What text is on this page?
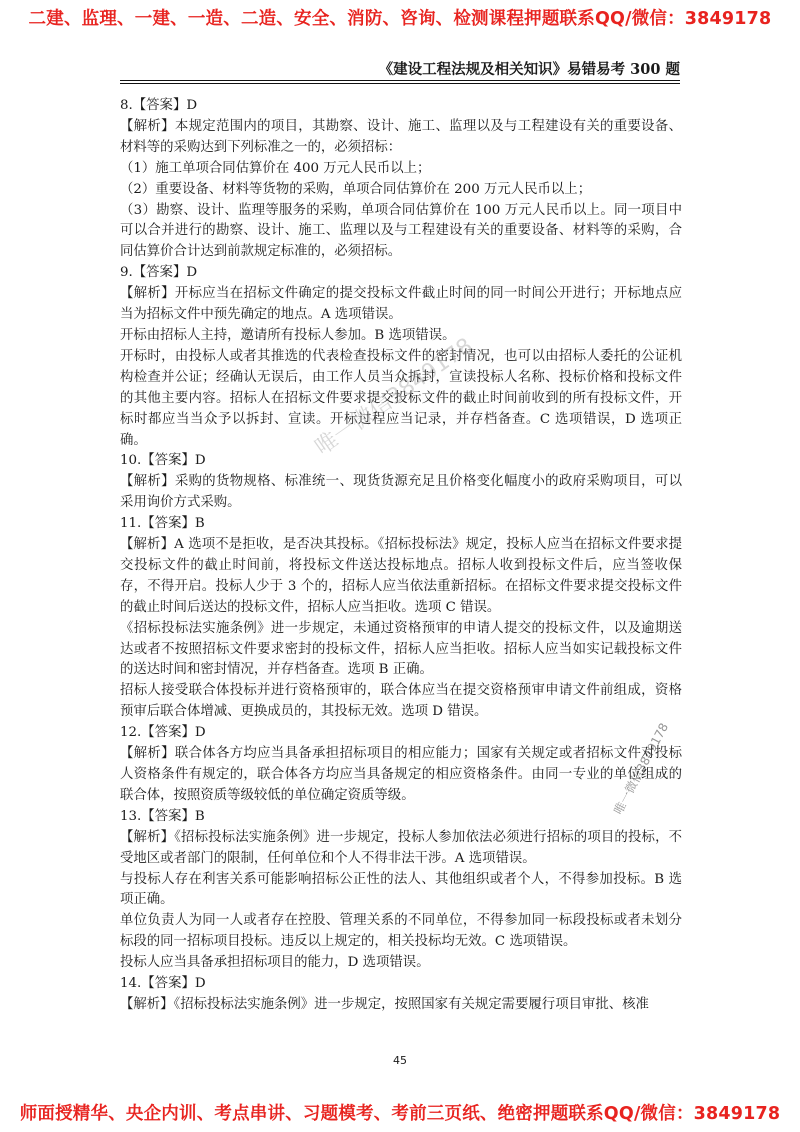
二建、监理、一建、一造、二造、安全、消防、咨询、检测课程押题联系QQ/微信：3849178
《建设工程法规及相关知识》易错易考 300 题

8.【答案】D

【解析】本规定范围内的项目，其勘察、设计、施工、监理以及与工程建设有关的重要设备、材料等的采购达到下列标准之一的，必须招标：

（1）施工单项合同估算价在 400 万元人民币以上；

（2）重要设备、材料等货物的采购，单项合同估算价在 200 万元人民币以上；

（3）勘察、设计、监理等服务的采购，单项合同估算价在 100 万元人民币以上。同一项目中可以合并进行的勘察、设计、施工、监理以及与工程建设有关的重要设备、材料等的采购，合同估算价合计达到前款规定标准的，必须招标。

9.【答案】D

【解析】开标应当在招标文件确定的提交投标文件截止时间的同一时间公开进行；开标地点应当为招标文件中预先确定的地点。A 选项错误。

开标由招标人主持，邀请所有投标人参加。B 选项错误。

开标时，由投标人或者其推选的代表检查投标文件的密封情况，也可以由招标人委托的公证机构检查并公证；经确认无误后，由工作人员当众拆封，宣读投标人名称、投标价格和投标文件的其他主要内容。招标人在招标文件要求提交投标文件的截止时间前收到的所有投标文件，开标时都应当当众予以拆封、宣读。开标过程应当记录，并存档备查。C 选项错误，D 选项正确。

10.【答案】D

【解析】采购的货物规格、标准统一、现货货源充足且价格变化幅度小的政府采购项目，可以采用询价方式采购。

11.【答案】B

【解析】A 选项不是拒收，是否决其投标。《招标投标法》规定，投标人应当在招标文件要求提交投标文件的截止时间前，将投标文件送达投标地点。招标人收到投标文件后，应当签收保存，不得开启。投标人少于 3 个的，招标人应当依法重新招标。在招标文件要求提交投标文件的截止时间后送达的投标文件，招标人应当拒收。选项 C 错误。

《招标投标法实施条例》进一步规定，未通过资格预审的申请人提交的投标文件，以及逾期送达或者不按照招标文件要求密封的投标文件，招标人应当拒收。招标人应当如实记载投标文件的送达时间和密封情况，并存档备查。选项 B 正确。

招标人接受联合体投标并进行资格预审的，联合体应当在提交资格预审申请文件前组成，资格预审后联合体增减、更换成员的，其投标无效。选项 D 错误。

12.【答案】D

【解析】联合体各方均应当具备承担招标项目的相应能力；国家有关规定或者招标文件对投标人资格条件有规定的，联合体各方均应当具备规定的相应资格条件。由同一专业的单位组成的联合体，按照资质等级较低的单位确定资质等级。

13.【答案】B

【解析】《招标投标法实施条例》进一步规定，投标人参加依法必须进行招标的项目的投标，不受地区或者部门的限制，任何单位和个人不得非法干涉。A 选项错误。

与投标人存在利害关系可能影响招标公正性的法人、其他组织或者个人，不得参加投标。B 选项正确。

单位负责人为同一人或者存在控股、管理关系的不同单位，不得参加同一标段投标或者未划分标段的同一招标项目投标。违反以上规定的，相关投标均无效。C 选项错误。

投标人应当具备承担招标项目的能力，D 选项错误。

14.【答案】D

【解析】《招标投标法实施条例》进一步规定，按照国家有关规定需要履行项目审批、核准

唯一微信3849178
唯一微信3849178
45
师面授精华、央企内训、考点串讲、习题模考、考前三页纸、绝密押题联系QQ/微信：3849178
